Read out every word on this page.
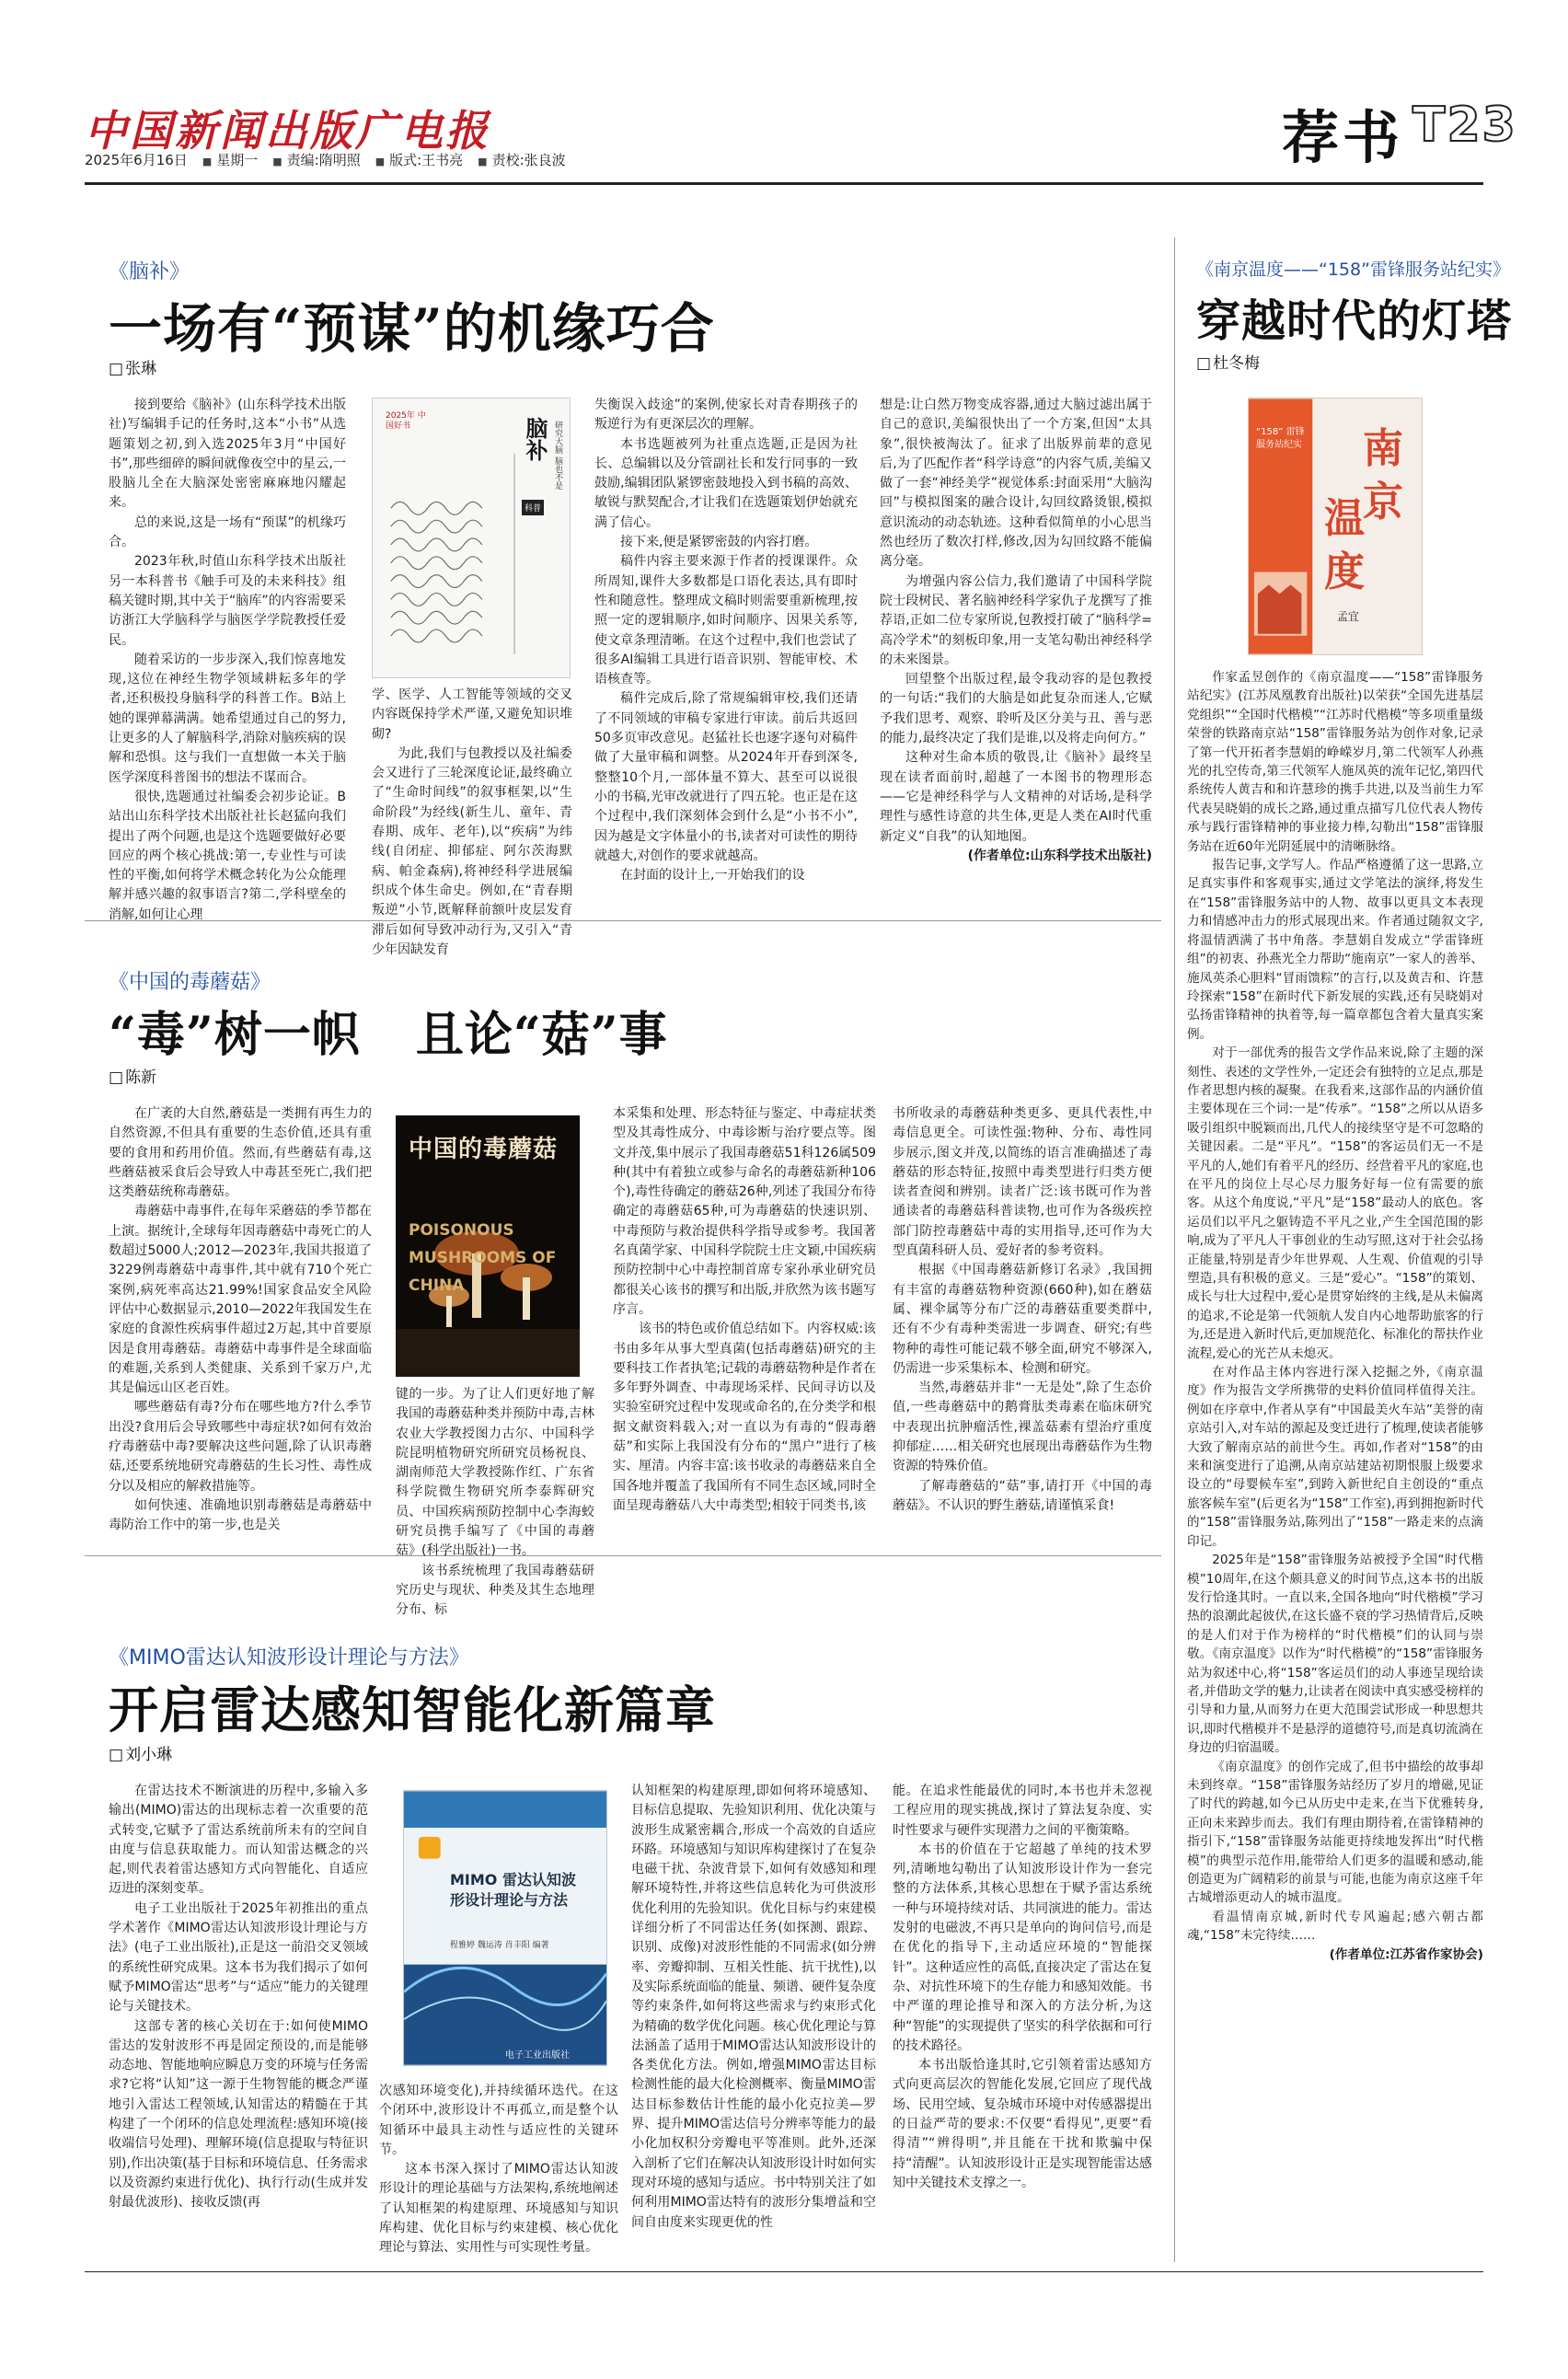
中国新闻出版广电报
2025年6月16日	■ 星期一	■ 责编:隋明照	■ 版式:王书亮	■ 责校:张良波	荐书 T23
《脑补》
一场有“预谋”的机缘巧合
□ 张琳

接到要给《脑补》(山东科学技术出版社)写编辑手记的任务时,这本“小书”从选题策划之初,到入选2025年3月“中国好书”,那些细碎的瞬间就像夜空中的星云,一股脑儿全在大脑深处密密麻麻地闪耀起来。

总的来说,这是一场有“预谋”的机缘巧合。

2023年秋,时值山东科学技术出版社另一本科普书《触手可及的未来科技》组稿关键时期,其中关于“脑库”的内容需要采访浙江大学脑科学与脑医学学院教授任爱民。

随着采访的一步步深入,我们惊喜地发现,这位在神经生物学领域耕耘多年的学者,还积极投身脑科学的科普工作。B站上她的课弹幕满满。她希望通过自己的努力,让更多的人了解脑科学,消除对脑疾病的误解和恐惧。这与我们一直想做一本关于脑医学深度科普图书的想法不谋而合。

很快,选题通过社编委会初步论证。B站出山东科学技术出版社社长赵猛向我们提出了两个问题,也是这个选题要做好必要回应的两个核心挑战:第一,专业性与可读性的平衡,如何将学术概念转化为公众能理解并感兴趣的叙事语言?第二,学科壁垒的消解,如何让心理

2025年 中国好书	脑补 研究大脑 脑也不是
科普

学、医学、人工智能等领域的交叉内容既保持学术严谨,又避免知识堆砌?

为此,我们与包教授以及社编委会又进行了三轮深度论证,最终确立了“生命时间线”的叙事框架,以“生命阶段”为经线(新生儿、童年、青春期、成年、老年),以“疾病”为纬线(自闭症、抑郁症、阿尔茨海默病、帕金森病),将神经科学进展编织成个体生命史。例如,在“青春期叛逆”小节,既解释前额叶皮层发育滞后如何导致冲动行为,又引入“青少年因缺发育

失衡误入歧途”的案例,使家长对青春期孩子的叛逆行为有更深层次的理解。

本书选题被列为社重点选题,正是因为社长、总编辑以及分管副社长和发行同事的一致鼓励,编辑团队紧锣密鼓地投入到书稿的高效、敏锐与默契配合,才让我们在选题策划伊始就充满了信心。

接下来,便是紧锣密鼓的内容打磨。

稿件内容主要来源于作者的授课课件。众所周知,课件大多数都是口语化表达,具有即时性和随意性。整理成文稿时则需要重新梳理,按照一定的逻辑顺序,如时间顺序、因果关系等,使文章条理清晰。在这个过程中,我们也尝试了很多AI编辑工具进行语音识别、智能审校、术语核查等。

稿件完成后,除了常规编辑审校,我们还请了不同领域的审稿专家进行审读。前后共返回50多页审改意见。赵猛社长也逐字逐句对稿件做了大量审稿和调整。从2024年开春到深冬,整整10个月,一部体量不算大、甚至可以说很小的书稿,光审改就进行了四五轮。也正是在这个过程中,我们深刻体会到什么是“小书不小”,因为越是文字体量小的书,读者对可读性的期待就越大,对创作的要求就越高。

在封面的设计上,一开始我们的设

想是:让白然万物变成容器,通过大脑过滤出属于自己的意识,美编很快出了一个方案,但因“太具象”,很快被淘汰了。征求了出版界前辈的意见后,为了匹配作者“科学诗意”的内容气质,美编又做了一套“神经美学”视觉体系:封面采用“大脑沟回”与模拟图案的融合设计,勾回纹路烫银,模拟意识流动的动态轨迹。这种看似简单的小心思当然也经历了数次打样,修改,因为勾回纹路不能偏离分毫。

为增强内容公信力,我们邀请了中国科学院院士段树民、著名脑神经科学家仇子龙撰写了推荐语,正如二位专家所说,包教授打破了“脑科学=高冷学术”的刻板印象,用一支笔勾勒出神经科学的未来图景。

回望整个出版过程,最令我动容的是包教授的一句话:“我们的大脑是如此复杂而迷人,它赋予我们思考、观察、聆听及区分美与丑、善与恶的能力,最终决定了我们是谁,以及将走向何方。”

这种对生命本质的敬畏,让《脑补》最终呈现在读者面前时,超越了一本图书的物理形态——它是神经科学与人文精神的对话场,是科学理性与感性诗意的共生体,更是人类在AI时代重新定义“自我”的认知地图。

(作者单位:山东科学技术出版社)

《中国的毒蘑菇》
“毒”树一帜 且论“菇”事
□ 陈新

在广袤的大自然,蘑菇是一类拥有再生力的自然资源,不但具有重要的生态价值,还具有重要的食用和药用价值。然而,有些蘑菇有毒,这些蘑菇被采食后会导致人中毒甚至死亡,我们把这类蘑菇统称毒蘑菇。

毒蘑菇中毒事件,在每年采蘑菇的季节都在上演。据统计,全球每年因毒蘑菇中毒死亡的人数超过5000人;2012—2023年,我国共报道了3229例毒蘑菇中毒事件,其中就有710个死亡案例,病死率高达21.99%!国家食品安全风险评估中心数据显示,2010—2022年我国发生在家庭的食源性疾病事件超过2万起,其中首要原因是食用毒蘑菇。毒蘑菇中毒事件是全球面临的难题,关系到人类健康、关系到千家万户,尤其是偏远山区老百姓。

哪些蘑菇有毒?分布在哪些地方?什么季节出没?食用后会导致哪些中毒症状?如何有效治疗毒蘑菇中毒?要解决这些问题,除了认识毒蘑菇,还要系统地研究毒蘑菇的生长习性、毒性成分以及相应的解救措施等。

如何快速、准确地识别毒蘑菇是毒蘑菇中毒防治工作中的第一步,也是关

中国的毒蘑菇
POISONOUS MUSHROOMS OF CHINA

键的一步。为了让人们更好地了解我国的毒蘑菇种类并预防中毒,吉林农业大学教授图力古尔、中国科学院昆明植物研究所研究员杨祝良、湖南师范大学教授陈作红、广东省科学院微生物研究所李泰辉研究员、中国疾病预防控制中心李海蛟研究员携手编写了《中国的毒蘑菇》(科学出版社)一书。

该书系统梳理了我国毒蘑菇研究历史与现状、种类及其生态地理分布、标

本采集和处理、形态特征与鉴定、中毒症状类型及其毒性成分、中毒诊断与治疗要点等。图文并茂,集中展示了我国毒蘑菇51科126属509种(其中有着独立或参与命名的毒蘑菇新种106个),毒性待确定的蘑菇26种,列述了我国分布待确定的毒蘑菇65种,可为毒蘑菇的快速识别、中毒预防与救治提供科学指导或参考。我国著名真菌学家、中国科学院院士庄文颖,中国疾病预防控制中心中毒控制首席专家孙承业研究员都很关心该书的撰写和出版,并欣然为该书题写序言。

该书的特色或价值总结如下。内容权威:该书由多年从事大型真菌(包括毒蘑菇)研究的主要科技工作者执笔;记载的毒蘑菇物种是作者在多年野外调查、中毒现场采样、民间寻访以及实验室研究过程中发现或命名的,在分类学和根据文献资料载入;对一直以为有毒的“假毒蘑菇”和实际上我国没有分布的“黑户”进行了核实、厘清。内容丰富:该书收录的毒蘑菇来自全国各地并覆盖了我国所有不同生态区域,同时全面呈现毒蘑菇八大中毒类型;相较于同类书,该

书所收录的毒蘑菇种类更多、更具代表性,中毒信息更全。可读性强:物种、分布、毒性同步展示,图文并茂,以简练的语言准确描述了毒蘑菇的形态特征,按照中毒类型进行归类方便读者查阅和辨别。读者广泛:该书既可作为普通读者的毒蘑菇科普读物,也可作为各级疾控部门防控毒蘑菇中毒的实用指导,还可作为大型真菌科研人员、爱好者的参考资料。

根据《中国毒蘑菇新修订名录》,我国拥有丰富的毒蘑菇物种资源(660种),如在蘑菇属、裸伞属等分布广泛的毒蘑菇重要类群中,还有不少有毒种类需进一步调查、研究;有些物种的毒性可能记载不够全面,研究不够深入,仍需进一步采集标本、检测和研究。

当然,毒蘑菇并非“一无是处”,除了生态价值,一些毒蘑菇中的鹅膏肽类毒素在临床研究中表现出抗肿瘤活性,裸盖菇素有望治疗重度抑郁症……相关研究也展现出毒蘑菇作为生物资源的特殊价值。

了解毒蘑菇的“菇”事,请打开《中国的毒蘑菇》。不认识的野生蘑菇,请谨慎采食!

《MIMO雷达认知波形设计理论与方法》
开启雷达感知智能化新篇章
□ 刘小琳

在雷达技术不断演进的历程中,多输入多输出(MIMO)雷达的出现标志着一次重要的范式转变,它赋予了雷达系统前所未有的空间自由度与信息获取能力。而认知雷达概念的兴起,则代表着雷达感知方式向智能化、自适应迈进的深刻变革。

电子工业出版社于2025年初推出的重点学术著作《MIMO雷达认知波形设计理论与方法》(电子工业出版社),正是这一前沿交叉领域的系统性研究成果。这本书为我们揭示了如何赋予MIMO雷达“思考”与“适应”能力的关键理论与关键技术。

这部专著的核心关切在于:如何使MIMO雷达的发射波形不再是固定预设的,而是能够动态地、智能地响应瞬息万变的环境与任务需求?它将“认知”这一源于生物智能的概念严谨地引入雷达工程领域,认知雷达的精髓在于其构建了一个闭环的信息处理流程:感知环境(接收端信号处理)、理解环境(信息提取与特征识别),作出决策(基于目标和环境信息、任务需求以及资源约束进行优化)、执行行动(生成并发射最优波形)、接收反馈(再

MIMO 雷达认知波形设计理论与方法
程雅婷 魏运涛 肖丰阳 编著
电子工业出版社

次感知环境变化),并持续循环迭代。在这个闭环中,波形设计不再孤立,而是整个认知循环中最具主动性与适应性的关键环节。

这本书深入探讨了MIMO雷达认知波形设计的理论基础与方法架构,系统地阐述了认知框架的构建原理、环境感知与知识库构建、优化目标与约束建模、核心优化理论与算法、实用性与可实现性考量。

认知框架的构建原理,即如何将环境感知、目标信息提取、先验知识利用、优化决策与波形生成紧密耦合,形成一个高效的自适应环路。环境感知与知识库构建探讨了在复杂电磁干扰、杂波背景下,如何有效感知和理解环境特性,并将这些信息转化为可供波形优化利用的先验知识。优化目标与约束建模详细分析了不同雷达任务(如探测、跟踪、识别、成像)对波形性能的不同需求(如分辨率、旁瓣抑制、互相关性能、抗干扰性),以及实际系统面临的能量、频谱、硬件复杂度等约束条件,如何将这些需求与约束形式化为精确的数学优化问题。核心优化理论与算法涵盖了适用于MIMO雷达认知波形设计的各类优化方法。例如,增强MIMO雷达目标检测性能的最大化检测概率、衡量MIMO雷达目标参数估计性能的最小化克拉美—罗界、提升MIMO雷达信号分辨率等能力的最小化加权积分旁瓣电平等准则。此外,还深入剖析了它们在解决认知波形设计时如何实现对环境的感知与适应。书中特别关注了如何利用MIMO雷达特有的波形分集增益和空间自由度来实现更优的性

能。在追求性能最优的同时,本书也并未忽视工程应用的现实挑战,探讨了算法复杂度、实时性要求与硬件实现潜力之间的平衡策略。

本书的价值在于它超越了单纯的技术罗列,清晰地勾勒出了认知波形设计作为一套完整的方法体系,其核心思想在于赋予雷达系统一种与环境持续对话、共同演进的能力。雷达发射的电磁波,不再只是单向的询问信号,而是在优化的指导下,主动适应环境的“智能探针”。这种适应性的高低,直接决定了雷达在复杂、对抗性环境下的生存能力和感知效能。书中严谨的理论推导和深入的方法分析,为这种“智能”的实现提供了坚实的科学依据和可行的技术路径。

本书出版恰逢其时,它引领着雷达感知方式向更高层次的智能化发展,它回应了现代战场、民用空域、复杂城市环境中对传感器提出的日益严苛的要求:不仅要“看得见”,更要“看得清”“辨得明”,并且能在干扰和欺骗中保持“清醒”。认知波形设计正是实现智能雷达感知中关键技术支撑之一。

《南京温度——“158”雷锋服务站纪实》
穿越时代的灯塔
□ 杜冬梅
“158” 雷锋服务站纪实 南
京
温
度
孟宜

作家孟昱创作的《南京温度——“158”雷锋服务站纪实》(江苏凤凰教育出版社)以荣获“全国先进基层党组织”“全国时代楷模”“江苏时代楷模”等多项重量级荣誉的铁路南京站“158”雷锋服务站为创作对象,记录了第一代开拓者李慧娟的峥嵘岁月,第二代领军人孙燕光的扎空传奇,第三代领军人施凤英的流年记忆,第四代系统传人黄吉和和许慧珍的携手共进,以及当前生力军代表吴晓娟的成长之路,通过重点描写几位代表人物传承与践行雷锋精神的事业接力棒,勾勒出“158”雷锋服务站在近60年光阴延展中的清晰脉络。

报告记事,文学写人。作品严格遵循了这一思路,立足真实事件和客观事实,通过文学笔法的演绎,将发生在“158”雷锋服务站中的人物、故事以更具文本表现力和情感冲击力的形式展现出来。作者通过随叙文字,将温情洒满了书中角落。李慧娟自发成立“学雷锋班组”的初衷、孙燕光全力帮助“施南京”一家人的善举、施凤英杀心胆料“冒雨馈粽”的言行,以及黄吉和、许慧玲探索“158”在新时代下新发展的实践,还有吴晓娟对弘扬雷锋精神的执着等,每一篇章都包含着大量真实案例。

对于一部优秀的报告文学作品来说,除了主题的深刻性、表述的文学性外,一定还会有独特的立足点,那是作者思想内核的凝聚。在我看来,这部作品的内涵价值主要体现在三个词:一是“传承”。“158”之所以从语多吸引组织中脱颖而出,几代人的接续坚守是不可忽略的关键因素。二是“平凡”。“158”的客运员们无一不是平凡的人,她们有着平凡的经历、经营着平凡的家庭,也在平凡的岗位上尽心尽力服务好每一位有需要的旅客。从这个角度说,“平凡”是“158”最动人的底色。客运员们以平凡之躯铸造不平凡之业,产生全国范围的影响,成为了平凡人干事创业的生动写照,这对于社会弘扬正能量,特别是青少年世界观、人生观、价值观的引导塑造,具有积极的意义。三是“爱心”。“158”的策划、成长与壮大过程中,爱心是贯穿始终的主线,是从未偏离的追求,不论是第一代领航人发自内心地帮助旅客的行为,还是进入新时代后,更加规范化、标准化的帮扶作业流程,爱心的光芒从未熄灭。

在对作品主体内容进行深入挖掘之外,《南京温度》作为报告文学所携带的史料价值同样值得关注。例如在序章中,作者从享有“中国最美火车站”美誉的南京站引入,对车站的源起及变迁进行了梳理,使读者能够大致了解南京站的前世今生。再如,作者对“158”的由来和演变进行了追溯,从南京站建站初期恨服上级要求设立的“母婴候车室”,到跨入新世纪自主创设的“重点旅客候车室”(后更名为“158”工作室),再到拥抱新时代的“158”雷锋服务站,陈列出了“158”一路走来的点滴印记。

2025年是“158”雷锋服务站被授予全国“时代楷模”10周年,在这个颇具意义的时间节点,这本书的出版发行恰逢其时。一直以来,全国各地向“时代楷模”学习热的浪潮此起彼伏,在这长盛不衰的学习热情背后,反映的是人们对于作为榜样的“时代楷模”们的认同与崇敬。《南京温度》以作为“时代楷模”的“158”雷锋服务站为叙述中心,将“158”客运员们的动人事迹呈现给读者,并借助文学的魅力,让读者在阅读中真实感受榜样的引导和力量,从而努力在更大范围尝试形成一种思想共识,即时代楷模并不是悬浮的道德符号,而是真切流淌在身边的归宿温暖。

《南京温度》的创作完成了,但书中描绘的故事却未到终章。“158”雷锋服务站经历了岁月的增磁,见证了时代的跨越,如今已从历史中走来,在当下优雅转身,正向未来踔步而去。我们有理由期待着,在雷锋精神的指引下,“158”雷锋服务站能更持续地发挥出“时代楷模”的典型示范作用,能带给人们更多的温暖和感动,能创造更为广阔精彩的前景与可能,也能为南京这座千年古城增添更动人的城市温度。

看温情南京城,新时代专风遍起;感六朝古都魂,“158”未完待续……

(作者单位:江苏省作家协会)
